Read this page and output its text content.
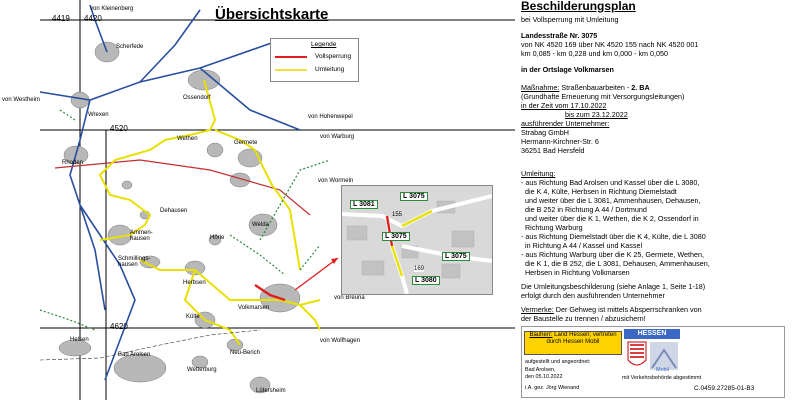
Übersichtskarte
4419 4420
4520
4620
Scherfede
Ossendorf
Wrexen
Wethen
Germete
Rhoden
Dehausen
Ammen-hausen	Hörle
Külte
Welda
Schmillings-hausen
Herbsen
Volkmarsen
Helsen
Bad Arolsen	Neu-Berich
Wetterburg
Lütersheim
von Kleinenberg
von Westheim
von Hohenwepel
von Warburg
von Wormeln
von Breuna
von Wolfhagen
Legende
Vollsperrung
Umleitung
L 3081
L 3075
L 3075
L 3075
L 3080
169
155
Beschilderungsplan
bei Vollsperrung mit Umleitung
Landesstraße Nr. 3075
von NK 4520 169 über NK 4520 155 nach NK 4520 001
km 0,085 - km 0,228 und km 0,000 - km 0,050
in der Ortslage Volkmarsen
Maßnahme: Straßenbauarbeiten - 2. BA
(Grundhafte Erneuerung mit Versorgungsleitungen)
in der Zeit vom 17.10.2022
bis zum 23.12.2022
ausführender Unternehmer:
Strabag GmbH
Hermann-Kirchner-Str. 6
36251 Bad Hersfeld
Umleitung:
- aus Richtung Bad Arolsen und Kassel über die L 3080,
die K 4, Külte, Herbsen in Richtung Diemelstadt
und weiter über die L 3081, Ammenhausen, Dehausen,
die B 252 in Richtung A 44 / Dortmund
und weiter über die K 1, Wethen, die K 2, Ossendorf in
Richtung Warburg
- aus Richtung Diemelstadt über die K 4, Külte, die L 3080
in Richtung A 44 / Kassel und Kassel
- aus Richtung Warburg über die K 25, Germete, Wethen,
die K 1, die B 252, die L 3081, Dehausen, Ammenhausen,
Herbsen in Richtung Volkmarsen
Die Umleitungsbeschilderung (siehe Anlage 1, Seite 1-18)
erfolgt durch den ausführenden Unternehmer
Vermerke: Der Gehweg ist mittels Absperrschranken von
der Baustelle zu trennen / abzusichern!
Bauherr: Land Hessen; vertreten durch Hessen Mobil
aufgestellt und angeordnet:
Bad Arolsen,
den 05.10.2022
i.A. gez. Jörg Wienand
HESSEN
Mobil
mit Verkehrsbehörde abgestimmt
C.0459.27285-01-B3
